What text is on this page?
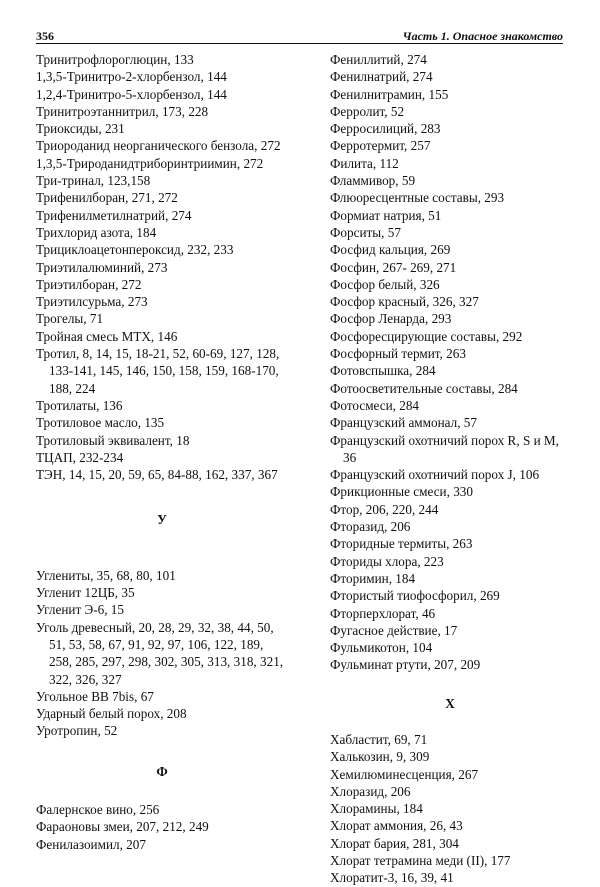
356	Часть 1. Опасное знакомство
Тринитрофлороглюцин, 133
1,3,5-Тринитро-2-хлорбензол, 144
1,2,4-Тринитро-5-хлорбензол, 144
Тринитроэтаннитрил, 173, 228
Триоксиды, 231
Триороданид неорганического бензола, 272
1,3,5-Трироданидтриборинтриимин, 272
Три-тринал, 123,158
Трифенилборан, 271, 272
Трифенилметилнатрий, 274
Трихлорид азота, 184
Трициклоацетонпероксид, 232, 233
Триэтилалюминий, 273
Триэтилборан, 272
Триэтилсурьма, 273
Трогелы, 71
Тройная смесь МТХ, 146
Тротил, 8, 14, 15, 18-21, 52, 60-69, 127, 128, 133-141, 145, 146, 150, 158, 159, 168-170, 188, 224
Тротилаты, 136
Тротиловое масло, 135
Тротиловый эквивалент, 18
ТЦАП, 232-234
ТЭН, 14, 15, 20, 59, 65, 84-88, 162, 337, 367
У
Углениты, 35, 68, 80, 101
Угленит 12ЦБ, 35
Угленит Э-6, 15
Уголь древесный, 20, 28, 29, 32, 38, 44, 50, 51, 53, 58, 67, 91, 92, 97, 106, 122, 189, 258, 285, 297, 298, 302, 305, 313, 318, 321, 322, 326, 327
Угольное ВВ 7bis, 67
Ударный белый порох, 208
Уротропин, 52
Ф
Фалернское вино, 256
Фараоновы змеи, 207, 212, 249
Фенилазоимил, 207
Фениллитий, 274
Фенилнатрий, 274
Фенилнитрамин, 155
Ферролит, 52
Ферросилиций, 283
Ферротермит, 257
Филита, 112
Фламмивор, 59
Флюоресцентные составы, 293
Формиат натрия, 51
Форситы, 57
Фосфид кальция, 269
Фосфин, 267- 269, 271
Фосфор белый, 326
Фосфор красный, 326, 327
Фосфор Ленарда, 293
Фосфоресцирующие составы, 292
Фосфорный термит, 263
Фотовспышка, 284
Фотоосветительные составы, 284
Фотосмеси, 284
Французский аммонал, 57
Французский охотничий порох R, S и M, 36
Французский охотничий порох J, 106
Фрикционные смеси, 330
Фтор, 206, 220, 244
Фторазид, 206
Фторидные термиты, 263
Фториды хлора, 223
Фторимин, 184
Фтористый тиофосфорил, 269
Фторперхлорат, 46
Фугасное действие, 17
Фульмикотон, 104
Фульминат ртути, 207, 209
Х
Хабластит, 69, 71
Халькозин, 9, 309
Хемилюминесценция, 267
Хлоразид, 206
Хлорамины, 184
Хлорат аммония, 26, 43
Хлорат бария, 281, 304
Хлорат тетрамина меди (II), 177
Хлоратит-3, 16, 39, 41
